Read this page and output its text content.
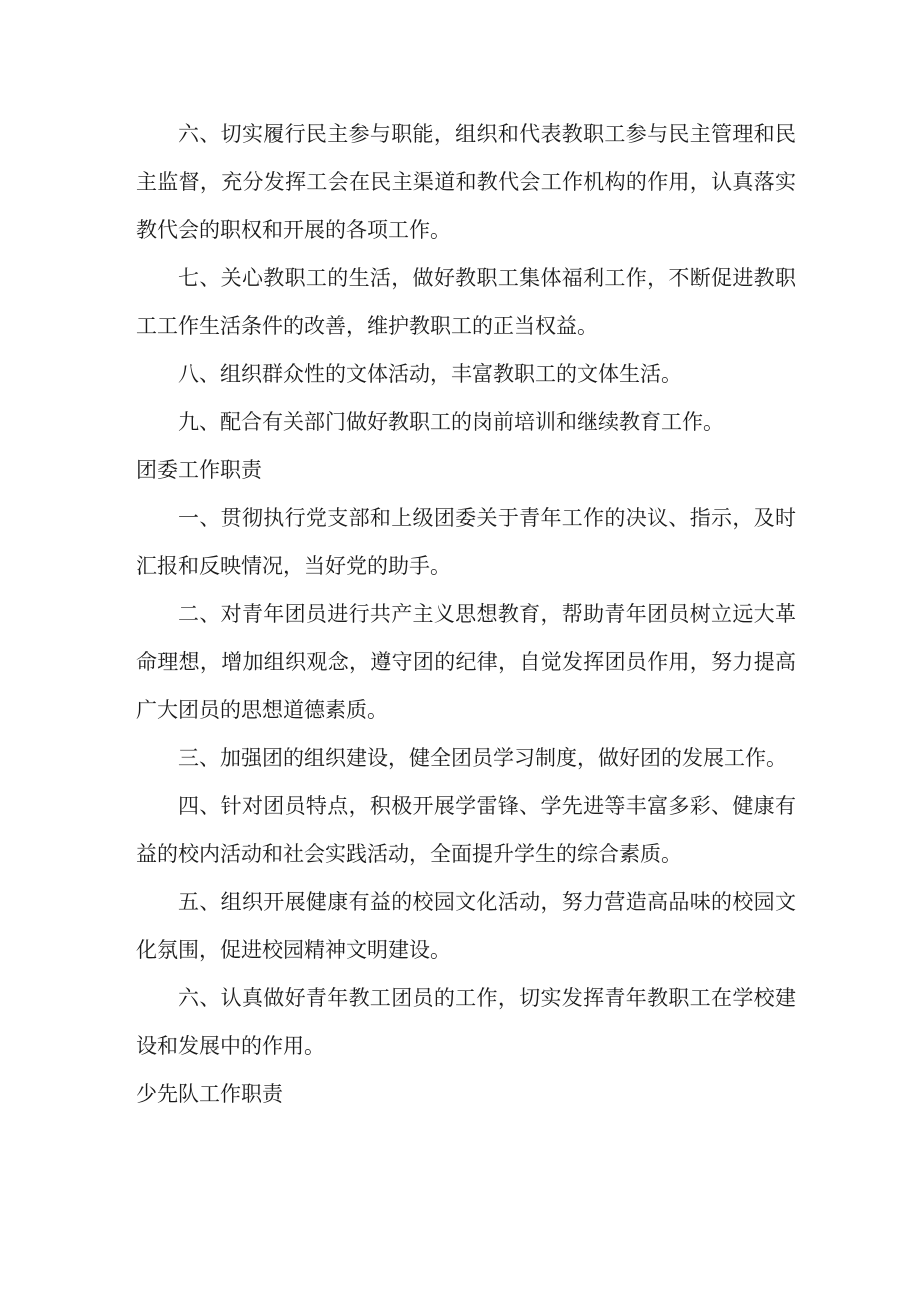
六、切实履行民主参与职能，组织和代表教职工参与民主管理和民主监督，充分发挥工会在民主渠道和教代会工作机构的作用，认真落实教代会的职权和开展的各项工作。

七、关心教职工的生活，做好教职工集体福利工作，不断促进教职工工作生活条件的改善，维护教职工的正当权益。

八、组织群众性的文体活动，丰富教职工的文体生活。

九、配合有关部门做好教职工的岗前培训和继续教育工作。

团委工作职责

一、贯彻执行党支部和上级团委关于青年工作的决议、指示，及时汇报和反映情况，当好党的助手。

二、对青年团员进行共产主义思想教育，帮助青年团员树立远大革命理想，增加组织观念，遵守团的纪律，自觉发挥团员作用，努力提高广大团员的思想道德素质。

三、加强团的组织建设，健全团员学习制度，做好团的发展工作。

四、针对团员特点，积极开展学雷锋、学先进等丰富多彩、健康有益的校内活动和社会实践活动，全面提升学生的综合素质。

五、组织开展健康有益的校园文化活动，努力营造高品味的校园文化氛围，促进校园精神文明建设。

六、认真做好青年教工团员的工作，切实发挥青年教职工在学校建设和发展中的作用。

少先队工作职责
